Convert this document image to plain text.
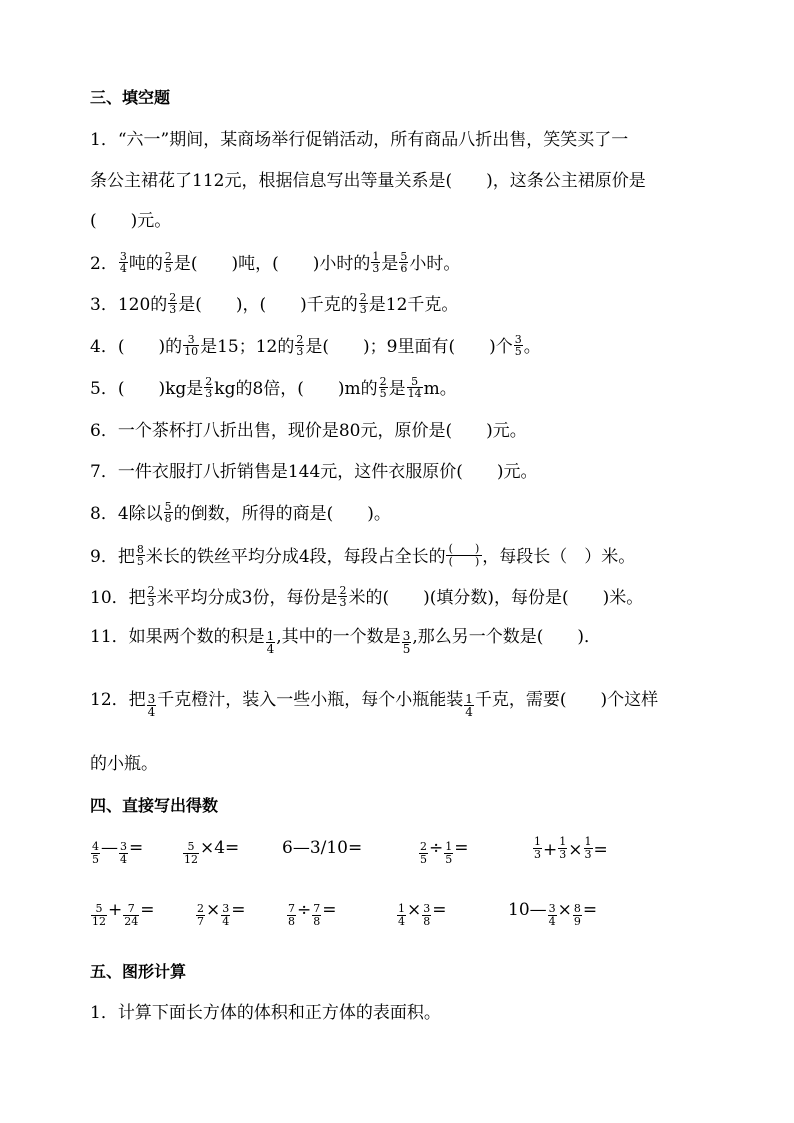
三、填空题
1．“六一”期间，某商场举行促销活动，所有商品八折出售，笑笑买了一
条公主裙花了112元，根据信息写出等量关系是(　　)，这条公主裙原价是
(　　)元。
2． $\frac{3}{4}$ 吨的 $\frac{2}{5}$ 是(　　)吨，(　　)小时的 $\frac{1}{3}$ 是 $\frac{5}{6}$ 小时。
3．120的 $\frac{2}{3}$ 是(　　)，(　　)千克的 $\frac{2}{3}$ 是12千克。
4．(　　)的 $\frac{3}{10}$ 是15；12的 $\frac{2}{3}$ 是(　　)；9里面有(　　)个 $\frac{3}{5}$ 。
5．(　　)kg是 $\frac{2}{3}$ kg的8倍，(　　)m的 $\frac{2}{5}$ 是 $\frac{5}{14}$ m。
6．一个茶杯打八折出售，现价是80元，原价是(　　)元。
7．一件衣服打八折销售是144元，这件衣服原价(　　)元。
8．4除以 $\frac{5}{8}$ 的倒数，所得的商是(　　)。
9．把 $\frac{8}{5}$ 米长的铁丝平均分成4段，每段占全长的 $\frac{( )}{( )}$ ，每段长（　）米。
10．把 $\frac{2}{3}$ 米平均分成3份，每份是 $\frac{2}{3}$ 米的(　　)(填分数)，每份是(　　)米。
11．如果两个数的积是 $\frac{1}{4}$ ,其中的一个数是 $\frac{3}{5}$ ,那么另一个数是(　　)．
12．把 $\frac{3}{4}$ 千克橙汁，装入一些小瓶，每个小瓶能装 $\frac{1}{4}$ 千克，需要(　　)个这样
的小瓶。
四、直接写出得数
$\frac{4}{5}$ — $\frac{3}{4}$ =	$\frac{5}{12} \times 4=$	6—3/10=	$\frac{2}{5} \div \frac{1}{5}$ =	$\frac{1}{3} + \frac{1}{3} \times \frac{1}{3}$ =
$\frac{5}{12} + \frac{7}{24}$ =	$\frac{2}{7} \times \frac{3}{4}$ =	$\frac{7}{8} \div \frac{7}{8}$ =	$\frac{1}{4} \times \frac{3}{8}$ =	10— $\frac{3}{4} \times \frac{8}{9}$ =
五、图形计算
1．计算下面长方体的体积和正方体的表面积。
